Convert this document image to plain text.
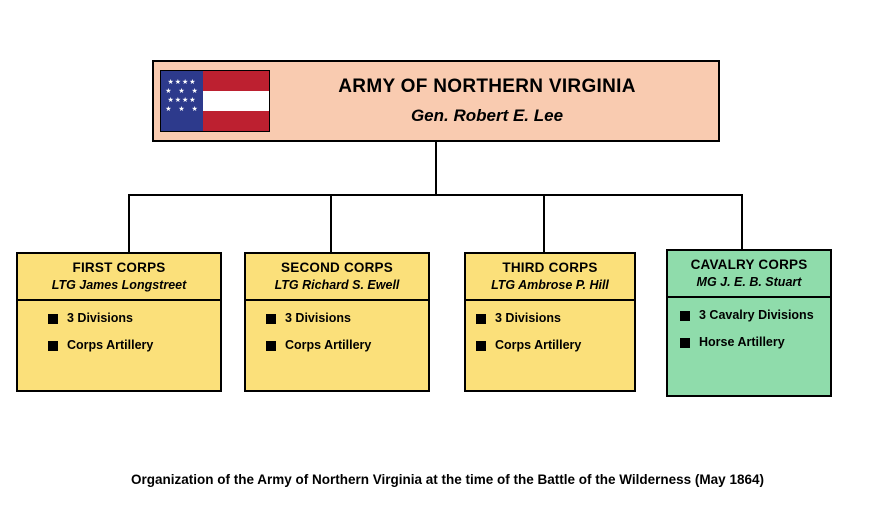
★★★★
★  ★  ★
★★★★
★  ★  ★
ARMY OF NORTHERN VIRGINIA
Gen. Robert E. Lee
FIRST CORPS
LTG James Longstreet
3 Divisions
Corps Artillery
SECOND CORPS
LTG Richard S. Ewell
3 Divisions
Corps Artillery
THIRD CORPS
LTG Ambrose P. Hill
3 Divisions
Corps Artillery
CAVALRY CORPS
MG J. E. B. Stuart
3 Cavalry Divisions
Horse Artillery
Organization of the Army of Northern Virginia at the time of the Battle of the Wilderness (May 1864)
